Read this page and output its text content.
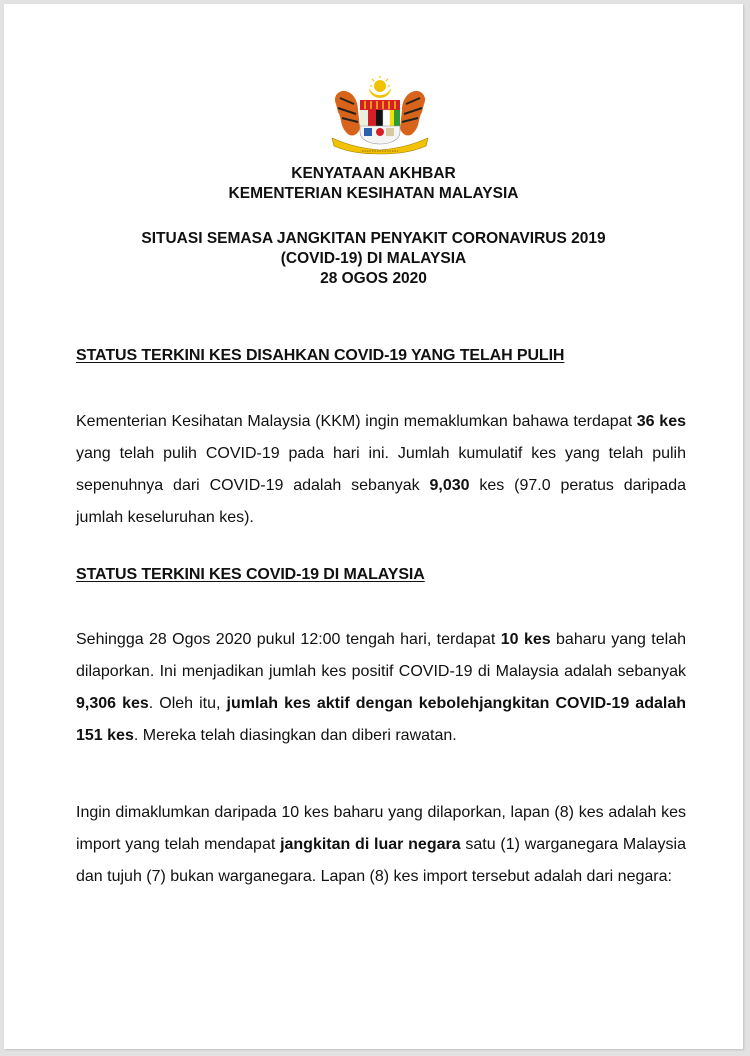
KENYATAAN AKHBAR
KEMENTERIAN KESIHATAN MALAYSIA
SITUASI SEMASA JANGKITAN PENYAKIT CORONAVIRUS 2019
(COVID-19) DI MALAYSIA
28 OGOS 2020
STATUS TERKINI KES DISAHKAN COVID-19 YANG TELAH PULIH
Kementerian Kesihatan Malaysia (KKM) ingin memaklumkan bahawa terdapat 36 kes yang telah pulih COVID-19 pada hari ini. Jumlah kumulatif kes yang telah pulih sepenuhnya dari COVID-19 adalah sebanyak 9,030 kes (97.0 peratus daripada jumlah keseluruhan kes).
STATUS TERKINI KES COVID-19 DI MALAYSIA
Sehingga 28 Ogos 2020 pukul 12:00 tengah hari, terdapat 10 kes baharu yang telah dilaporkan. Ini menjadikan jumlah kes positif COVID-19 di Malaysia adalah sebanyak 9,306 kes. Oleh itu, jumlah kes aktif dengan kebolehjangkitan COVID-19 adalah 151 kes. Mereka telah diasingkan dan diberi rawatan.
Ingin dimaklumkan daripada 10 kes baharu yang dilaporkan, lapan (8) kes adalah kes import yang telah mendapat jangkitan di luar negara satu (1) warganegara Malaysia dan tujuh (7) bukan warganegara. Lapan (8) kes import tersebut adalah dari negara:
